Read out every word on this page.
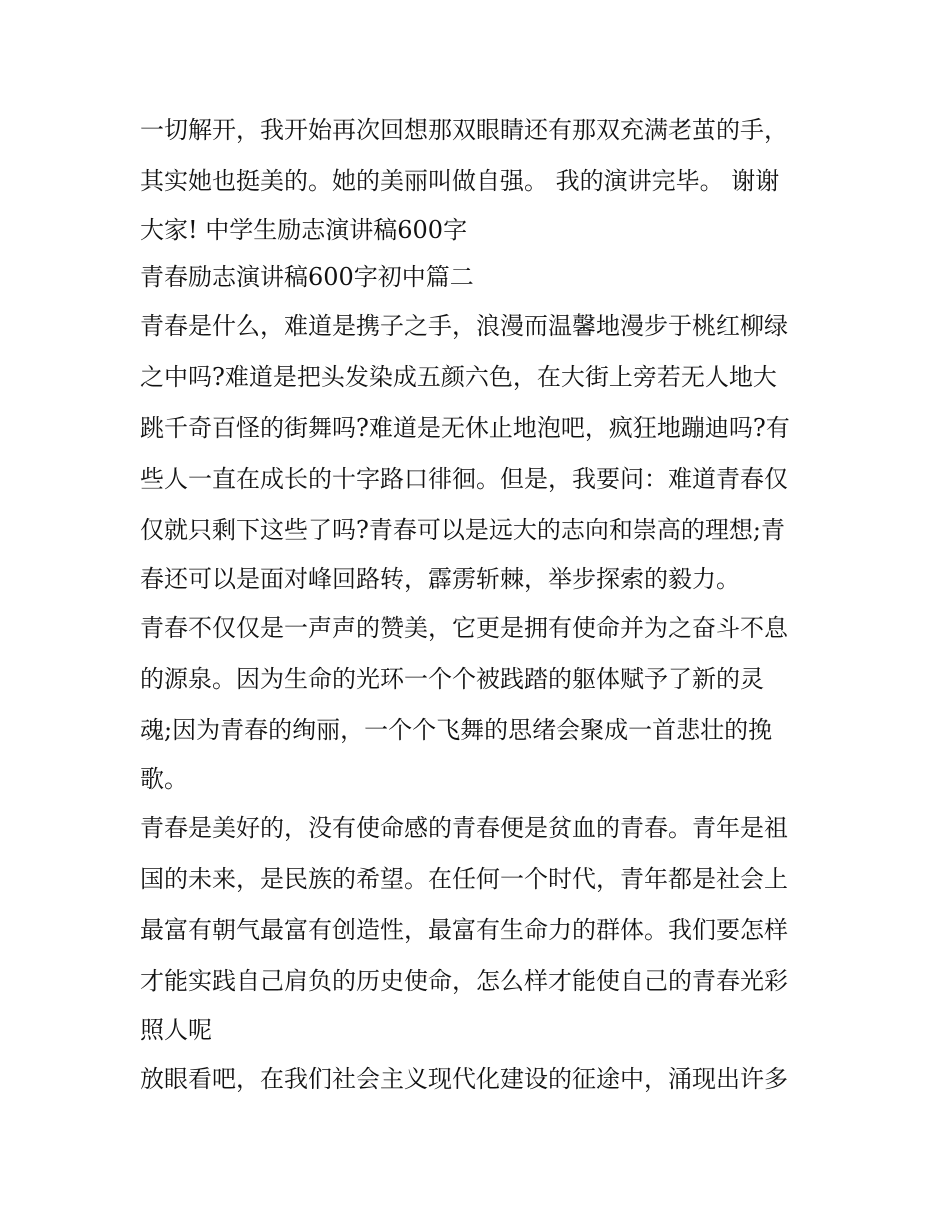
一切解开，我开始再次回想那双眼睛还有那双充满老茧的手，

其实她也挺美的。她的美丽叫做自强。 我的演讲完毕。 谢谢

大家! 中学生励志演讲稿600字

青春励志演讲稿600字初中篇二

青春是什么，难道是携子之手，浪漫而温馨地漫步于桃红柳绿

之中吗?难道是把头发染成五颜六色，在大街上旁若无人地大

跳千奇百怪的街舞吗?难道是无休止地泡吧，疯狂地蹦迪吗?有

些人一直在成长的十字路口徘徊。但是，我要问：难道青春仅

仅就只剩下这些了吗?青春可以是远大的志向和崇高的理想;青

春还可以是面对峰回路转，霹雳斩棘，举步探索的毅力。

青春不仅仅是一声声的赞美，它更是拥有使命并为之奋斗不息

的源泉。因为生命的光环一个个被践踏的躯体赋予了新的灵

魂;因为青春的绚丽，一个个飞舞的思绪会聚成一首悲壮的挽

歌。

青春是美好的，没有使命感的青春便是贫血的青春。青年是祖

国的未来，是民族的希望。在任何一个时代，青年都是社会上

最富有朝气最富有创造性，最富有生命力的群体。我们要怎样

才能实践自己肩负的历史使命，怎么样才能使自己的青春光彩

照人呢

放眼看吧，在我们社会主义现代化建设的征途中，涌现出许多
